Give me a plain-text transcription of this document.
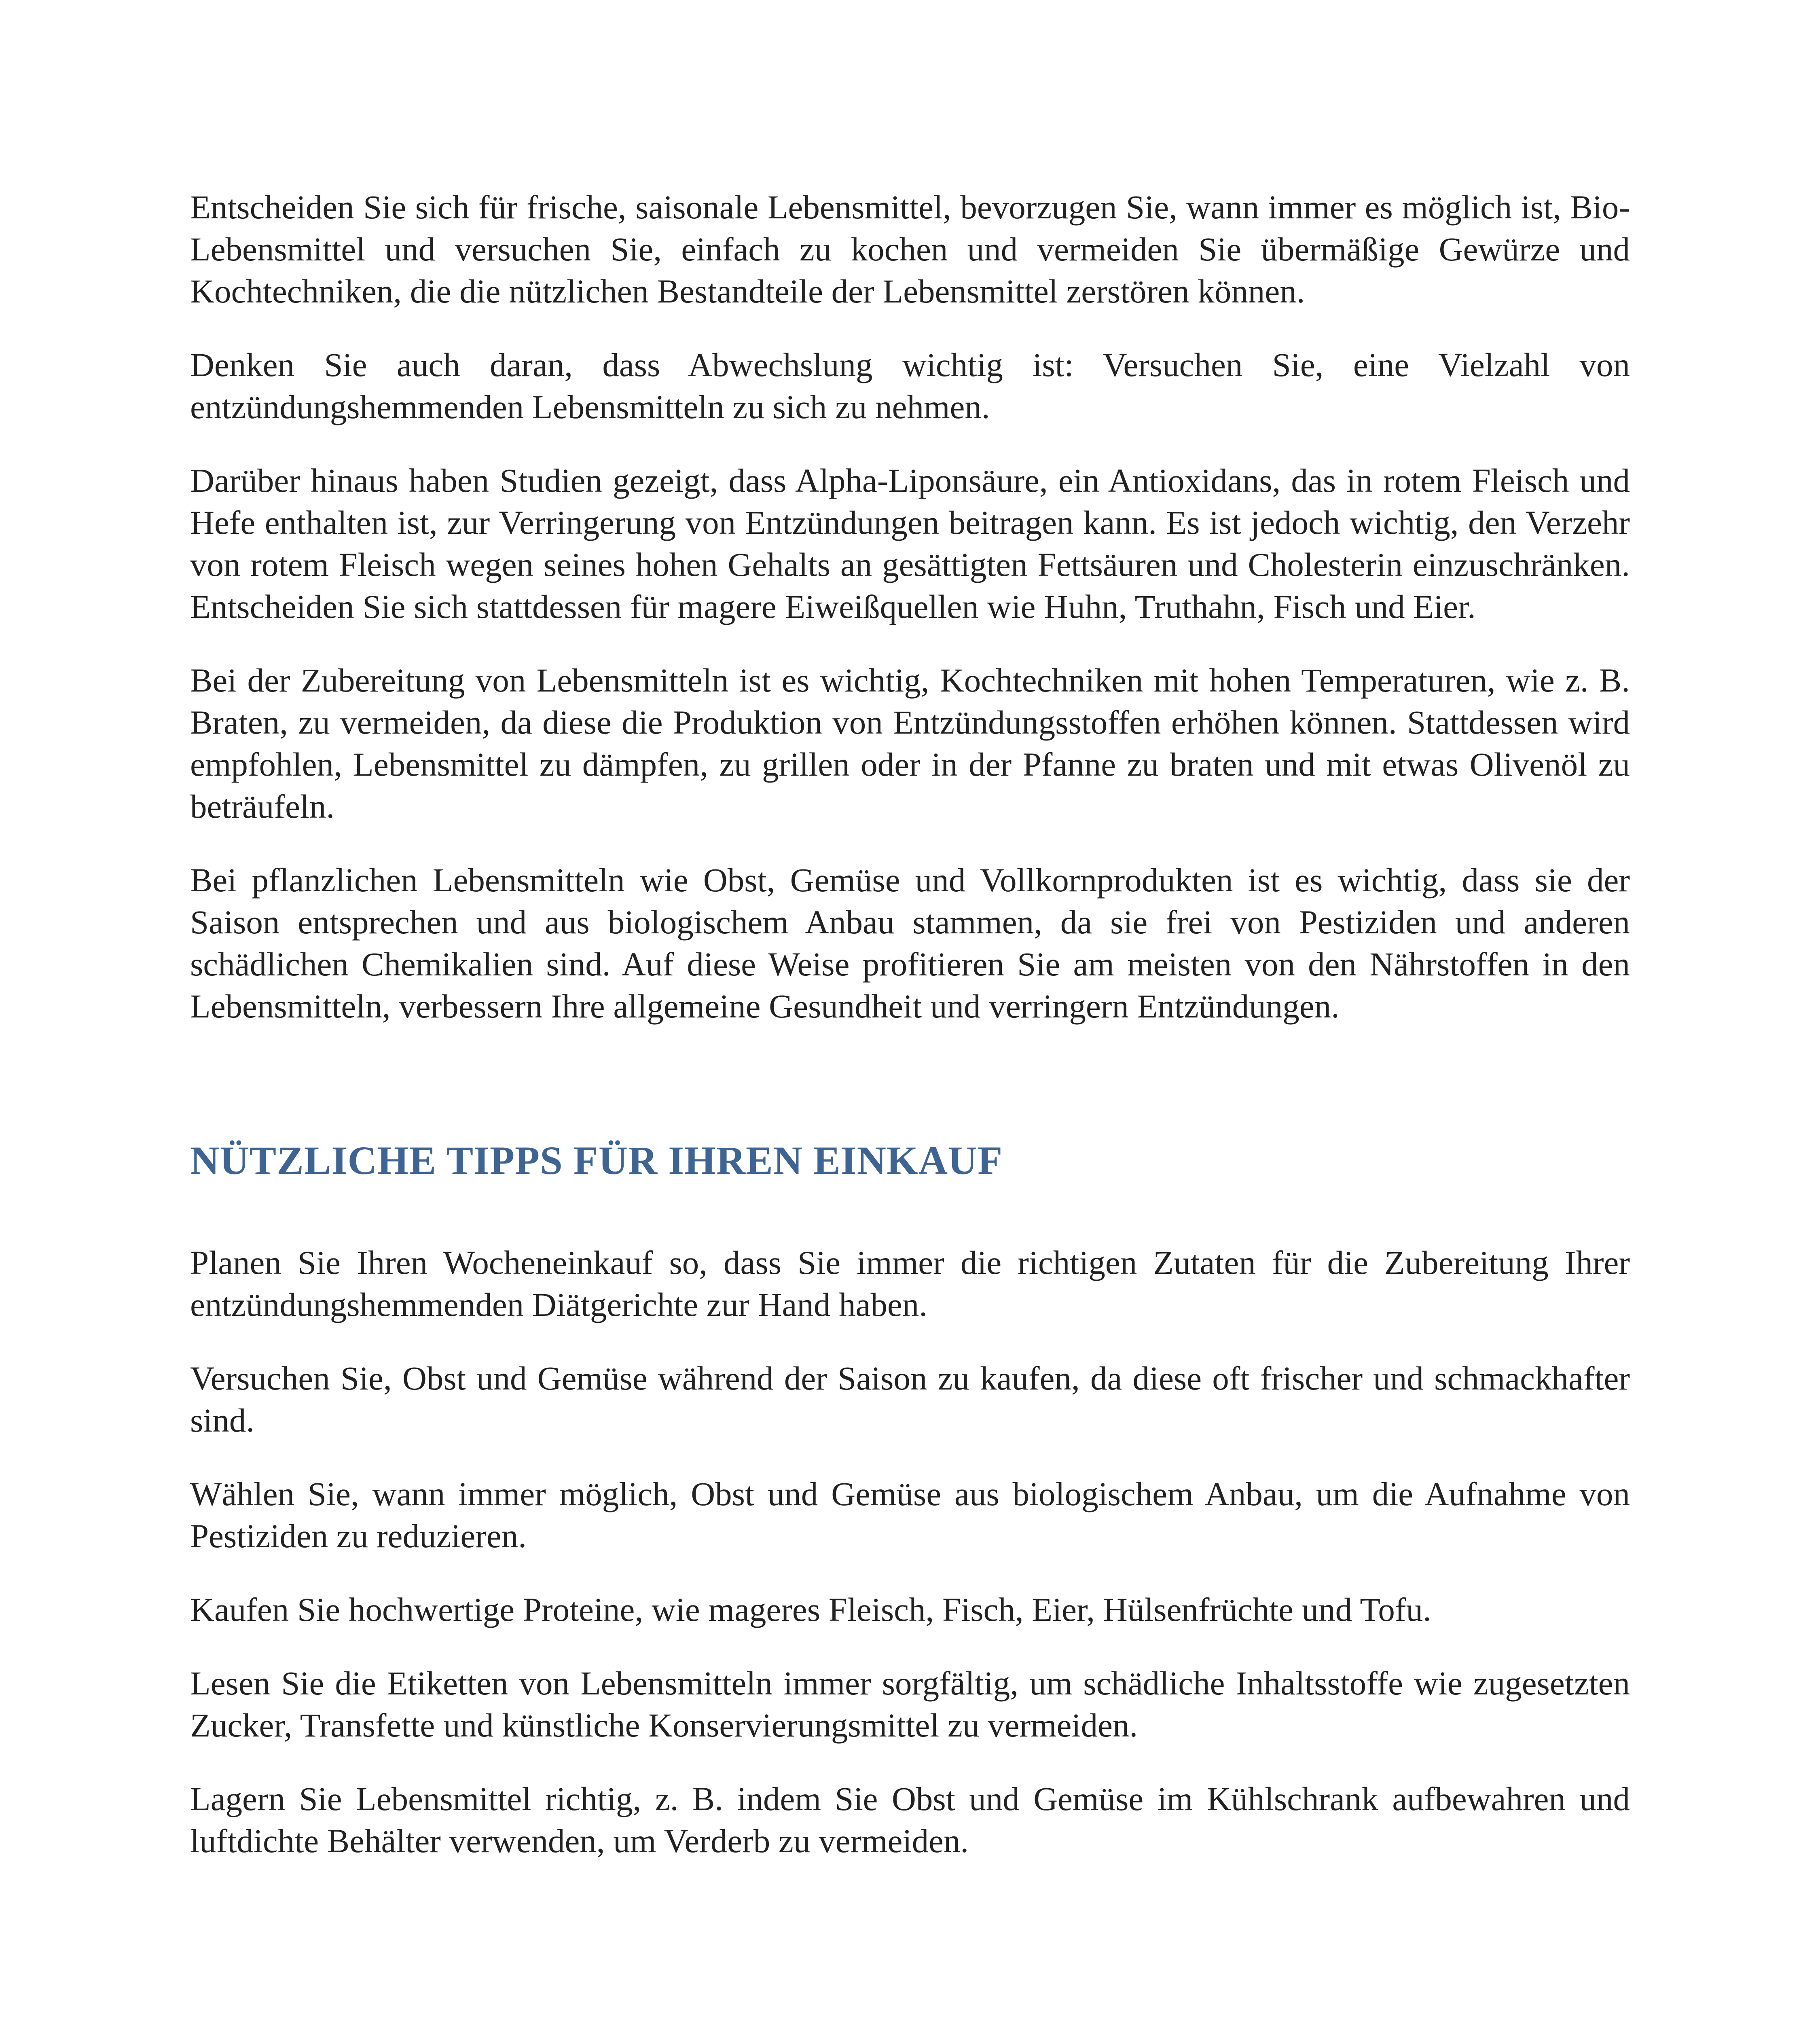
Entscheiden Sie sich für frische, saisonale Lebensmittel, bevorzugen Sie, wann immer es möglich ist, Bio-Lebensmittel und versuchen Sie, einfach zu kochen und vermeiden Sie übermäßige Gewürze und Kochtechniken, die die nützlichen Bestandteile der Lebensmittel zerstören können.

Denken Sie auch daran, dass Abwechslung wichtig ist: Versuchen Sie, eine Vielzahl von entzündungshemmenden Lebensmitteln zu sich zu nehmen.

Darüber hinaus haben Studien gezeigt, dass Alpha-Liponsäure, ein Antioxidans, das in rotem Fleisch und Hefe enthalten ist, zur Verringerung von Entzündungen beitragen kann. Es ist jedoch wichtig, den Verzehr von rotem Fleisch wegen seines hohen Gehalts an gesättigten Fettsäuren und Cholesterin einzuschränken. Entscheiden Sie sich stattdessen für magere Eiweißquellen wie Huhn, Truthahn, Fisch und Eier.

Bei der Zubereitung von Lebensmitteln ist es wichtig, Kochtechniken mit hohen Temperaturen, wie z. B. Braten, zu vermeiden, da diese die Produktion von Entzündungsstoffen erhöhen können. Stattdessen wird empfohlen, Lebensmittel zu dämpfen, zu grillen oder in der Pfanne zu braten und mit etwas Olivenöl zu beträufeln.

Bei pflanzlichen Lebensmitteln wie Obst, Gemüse und Vollkornprodukten ist es wichtig, dass sie der Saison entsprechen und aus biologischem Anbau stammen, da sie frei von Pestiziden und anderen schädlichen Chemikalien sind. Auf diese Weise profitieren Sie am meisten von den Nährstoffen in den Lebensmitteln, verbessern Ihre allgemeine Gesundheit und verringern Entzündungen.

NÜTZLICHE TIPPS FÜR IHREN EINKAUF

Planen Sie Ihren Wocheneinkauf so, dass Sie immer die richtigen Zutaten für die Zubereitung Ihrer entzündungshemmenden Diätgerichte zur Hand haben.

Versuchen Sie, Obst und Gemüse während der Saison zu kaufen, da diese oft frischer und schmackhafter sind.

Wählen Sie, wann immer möglich, Obst und Gemüse aus biologischem Anbau, um die Aufnahme von Pestiziden zu reduzieren.

Kaufen Sie hochwertige Proteine, wie mageres Fleisch, Fisch, Eier, Hülsenfrüchte und Tofu.

Lesen Sie die Etiketten von Lebensmitteln immer sorgfältig, um schädliche Inhaltsstoffe wie zugesetzten Zucker, Transfette und künstliche Konservierungsmittel zu vermeiden.

Lagern Sie Lebensmittel richtig, z. B. indem Sie Obst und Gemüse im Kühlschrank aufbewahren und luftdichte Behälter verwenden, um Verderb zu vermeiden.
